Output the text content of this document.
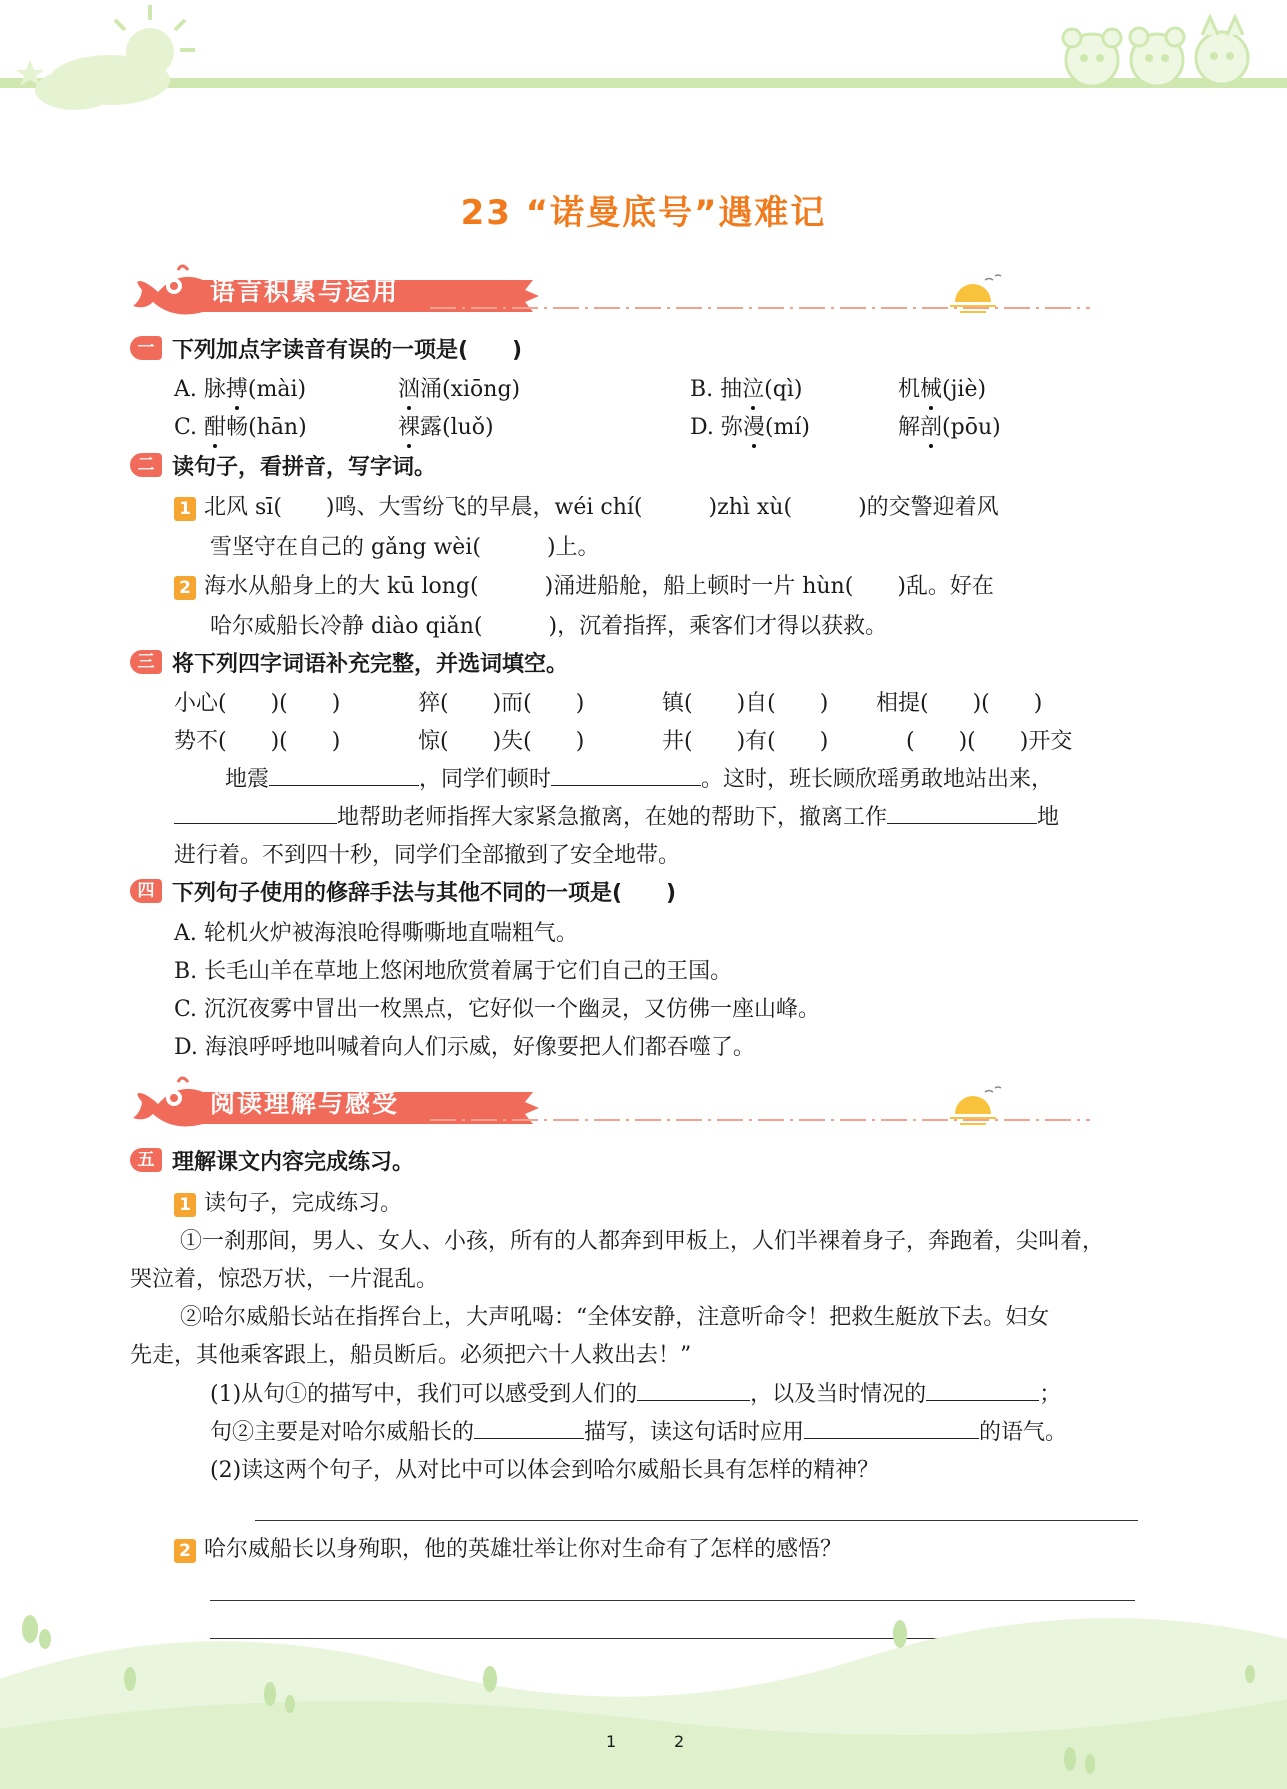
23 “诺曼底号”遇难记
语言积累与运用
一 下列加点字读音有误的一项是(　　)
A. 脉搏(mài)	汹涌(xiōng)	B. 抽泣(qì)	机械(jiè)
C. 酣畅(hān)	裸露(luǒ)	D. 弥漫(mí)	解剖(pōu)
二 读句子，看拼音，写字词。
1 北风 sī(　　 )鸣、大雪纷飞的早晨，wéi chí(　　　	)zhì xù(　　　	)的交警迎着风
雪坚守在自己的 gǎng wèi(　　　	)上。
2 海水从船身上的大 kū long(　　　	)涌进船舱，船上顿时一片 hùn(　　 )乱。好在
哈尔威船长冷静 diào qiǎn(　　　	)，沉着指挥，乘客们才得以获救。
三 将下列四字词语补充完整，并选词填空。
小心(　　)(　　)	猝(　　)而(　　)	镇(　　)自(　　) 相提(　　)(　　)
势不(　　)(　　)	惊(　　)失(　　)	井(　　)有(　　)	(　　)(　　)开交
地震	，同学们顿时	。这时，班长顾欣瑶勇敢地站出来，
地帮助老师指挥大家紧急撤离，在她的帮助下，撤离工作	地
进行着。不到四十秒，同学们全部撤到了安全地带。
四 下列句子使用的修辞手法与其他不同的一项是(　　)
A. 轮机火炉被海浪呛得嘶嘶地直喘粗气。
B. 长毛山羊在草地上悠闲地欣赏着属于它们自己的王国。
C. 沉沉夜雾中冒出一枚黑点，它好似一个幽灵，又仿佛一座山峰。
D. 海浪呼呼地叫喊着向人们示威，好像要把人们都吞噬了。
阅读理解与感受
五 理解课文内容完成练习。
1 读句子，完成练习。
①一刹那间，男人、女人、小孩，所有的人都奔到甲板上，人们半裸着身子，奔跑着，尖叫着，
哭泣着，惊恐万状，一片混乱。
②哈尔威船长站在指挥台上，大声吼喝：“全体安静，注意听命令！把救生艇放下去。妇女
先走，其他乘客跟上，船员断后。必须把六十人救出去！”
(1)从句①的描写中，我们可以感受到人们的	，以及当时情况的	；
句②主要是对哈尔威船长的	描写，读这句话时应用	的语气。
(2)读这两个句子，从对比中可以体会到哈尔威船长具有怎样的精神？
2 哈尔威船长以身殉职，他的英雄壮举让你对生命有了怎样的感悟？
1	2
